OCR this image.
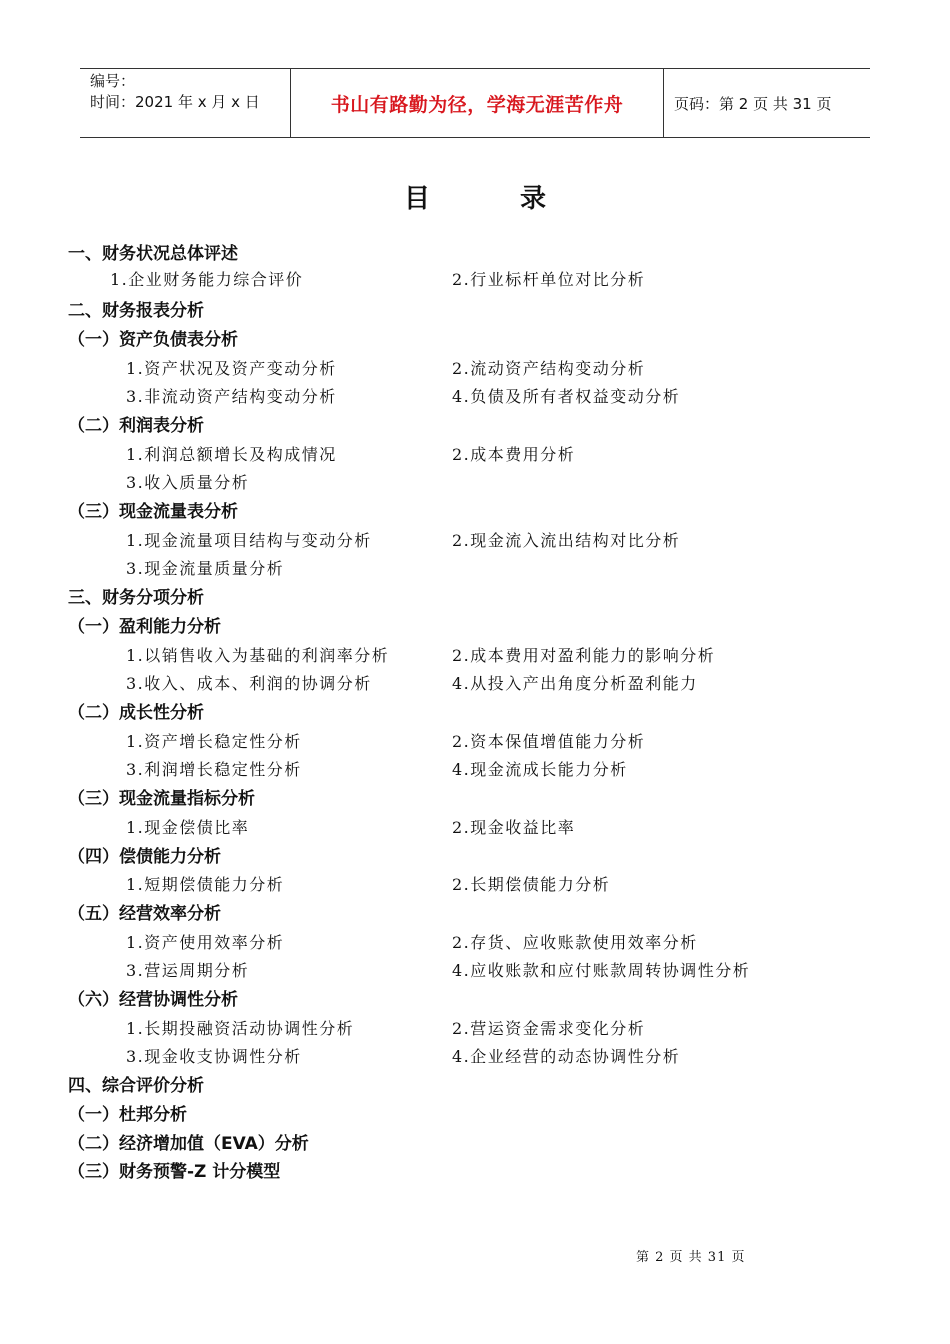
编号：
时间：2021 年 x 月 x 日	书山有路勤为径，学海无涯苦作舟	页码：第 2 页 共 31 页
目	录
一、财务状况总体评述
1.企业财务能力综合评价	2.行业标杆单位对比分析
二、财务报表分析
（一）资产负债表分析
1.资产状况及资产变动分析	2.流动资产结构变动分析
3.非流动资产结构变动分析	4.负债及所有者权益变动分析
（二）利润表分析
1.利润总额增长及构成情况	2.成本费用分析
3.收入质量分析
（三）现金流量表分析
1.现金流量项目结构与变动分析	2.现金流入流出结构对比分析
3.现金流量质量分析
三、财务分项分析
（一）盈利能力分析
1.以销售收入为基础的利润率分析	2.成本费用对盈利能力的影响分析
3.收入、成本、利润的协调分析	4.从投入产出角度分析盈利能力
（二）成长性分析
1.资产增长稳定性分析	2.资本保值增值能力分析
3.利润增长稳定性分析	4.现金流成长能力分析
（三）现金流量指标分析
1.现金偿债比率	2.现金收益比率
（四）偿债能力分析
1.短期偿债能力分析	2.长期偿债能力分析
（五）经营效率分析
1.资产使用效率分析	2.存货、应收账款使用效率分析
3.营运周期分析	4.应收账款和应付账款周转协调性分析
（六）经营协调性分析
1.长期投融资活动协调性分析	2.营运资金需求变化分析
3.现金收支协调性分析	4.企业经营的动态协调性分析
四、综合评价分析
（一）杜邦分析
（二）经济增加值（EVA）分析
（三）财务预警-Z 计分模型
第 2 页 共 31 页
